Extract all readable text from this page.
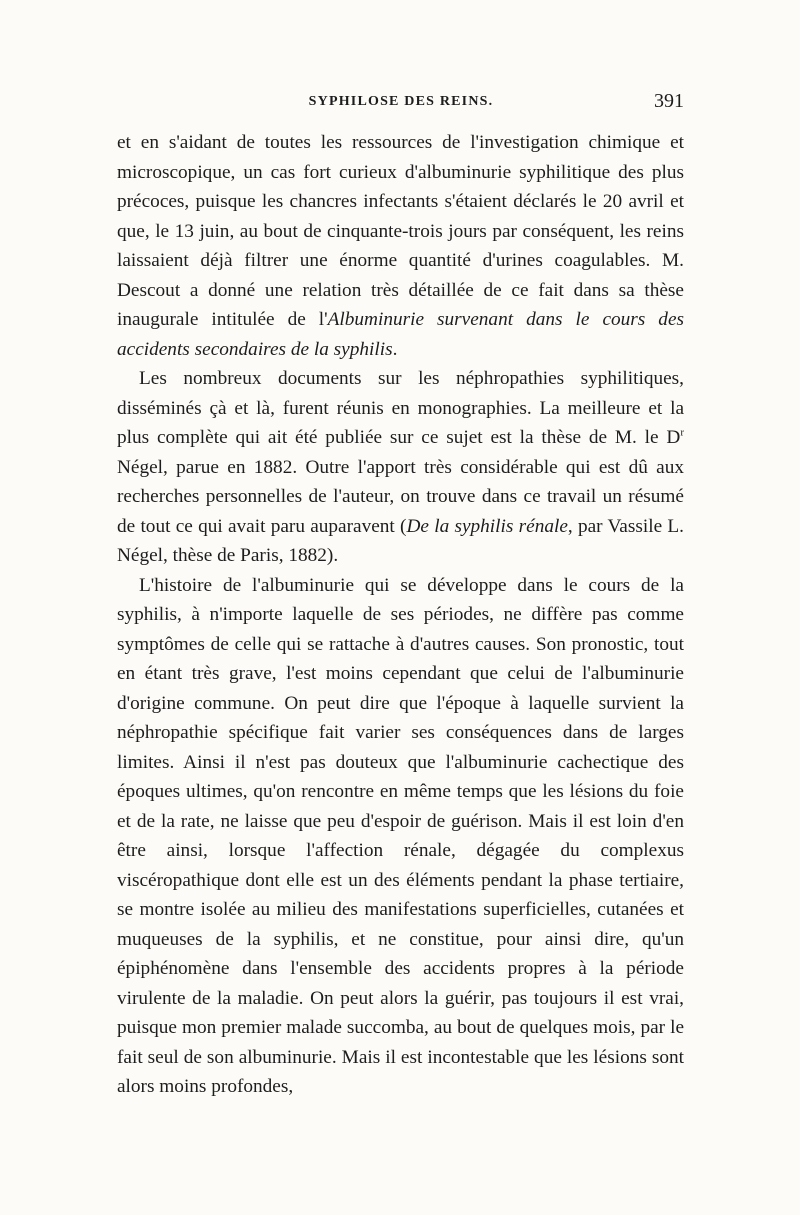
SYPHILOSE DES REINS.	391

et en s'aidant de toutes les ressources de l'investigation chimique et microscopique, un cas fort curieux d'albuminurie syphilitique des plus précoces, puisque les chancres infectants s'étaient déclarés le 20 avril et que, le 13 juin, au bout de cinquante-trois jours par conséquent, les reins laissaient déjà filtrer une énorme quantité d'urines coagulables. M. Descout a donné une relation très détaillée de ce fait dans sa thèse inaugurale intitulée de l'Albuminurie survenant dans le cours des accidents secondaires de la syphilis.

Les nombreux documents sur les néphropathies syphilitiques, disséminés çà et là, furent réunis en monographies. La meilleure et la plus complète qui ait été publiée sur ce sujet est la thèse de M. le $D^r$ Négel, parue en 1882. Outre l'apport très considérable qui est dû aux recherches personnelles de l'auteur, on trouve dans ce travail un résumé de tout ce qui avait paru auparavent (De la syphilis rénale, par Vassile L. Négel, thèse de Paris, 1882).

L'histoire de l'albuminurie qui se développe dans le cours de la syphilis, à n'importe laquelle de ses périodes, ne diffère pas comme symptômes de celle qui se rattache à d'autres causes. Son pronostic, tout en étant très grave, l'est moins cependant que celui de l'albuminurie d'origine commune. On peut dire que l'époque à laquelle survient la néphropathie spécifique fait varier ses conséquences dans de larges limites. Ainsi il n'est pas douteux que l'albuminurie cachectique des époques ultimes, qu'on rencontre en même temps que les lésions du foie et de la rate, ne laisse que peu d'espoir de guérison. Mais il est loin d'en être ainsi, lorsque l'affection rénale, dégagée du complexus viscéropathique dont elle est un des éléments pendant la phase tertiaire, se montre isolée au milieu des manifestations superficielles, cutanées et muqueuses de la syphilis, et ne constitue, pour ainsi dire, qu'un épiphénomène dans l'ensemble des accidents propres à la période virulente de la maladie. On peut alors la guérir, pas toujours il est vrai, puisque mon premier malade succomba, au bout de quelques mois, par le fait seul de son albuminurie. Mais il est incontestable que les lésions sont alors moins profondes,
